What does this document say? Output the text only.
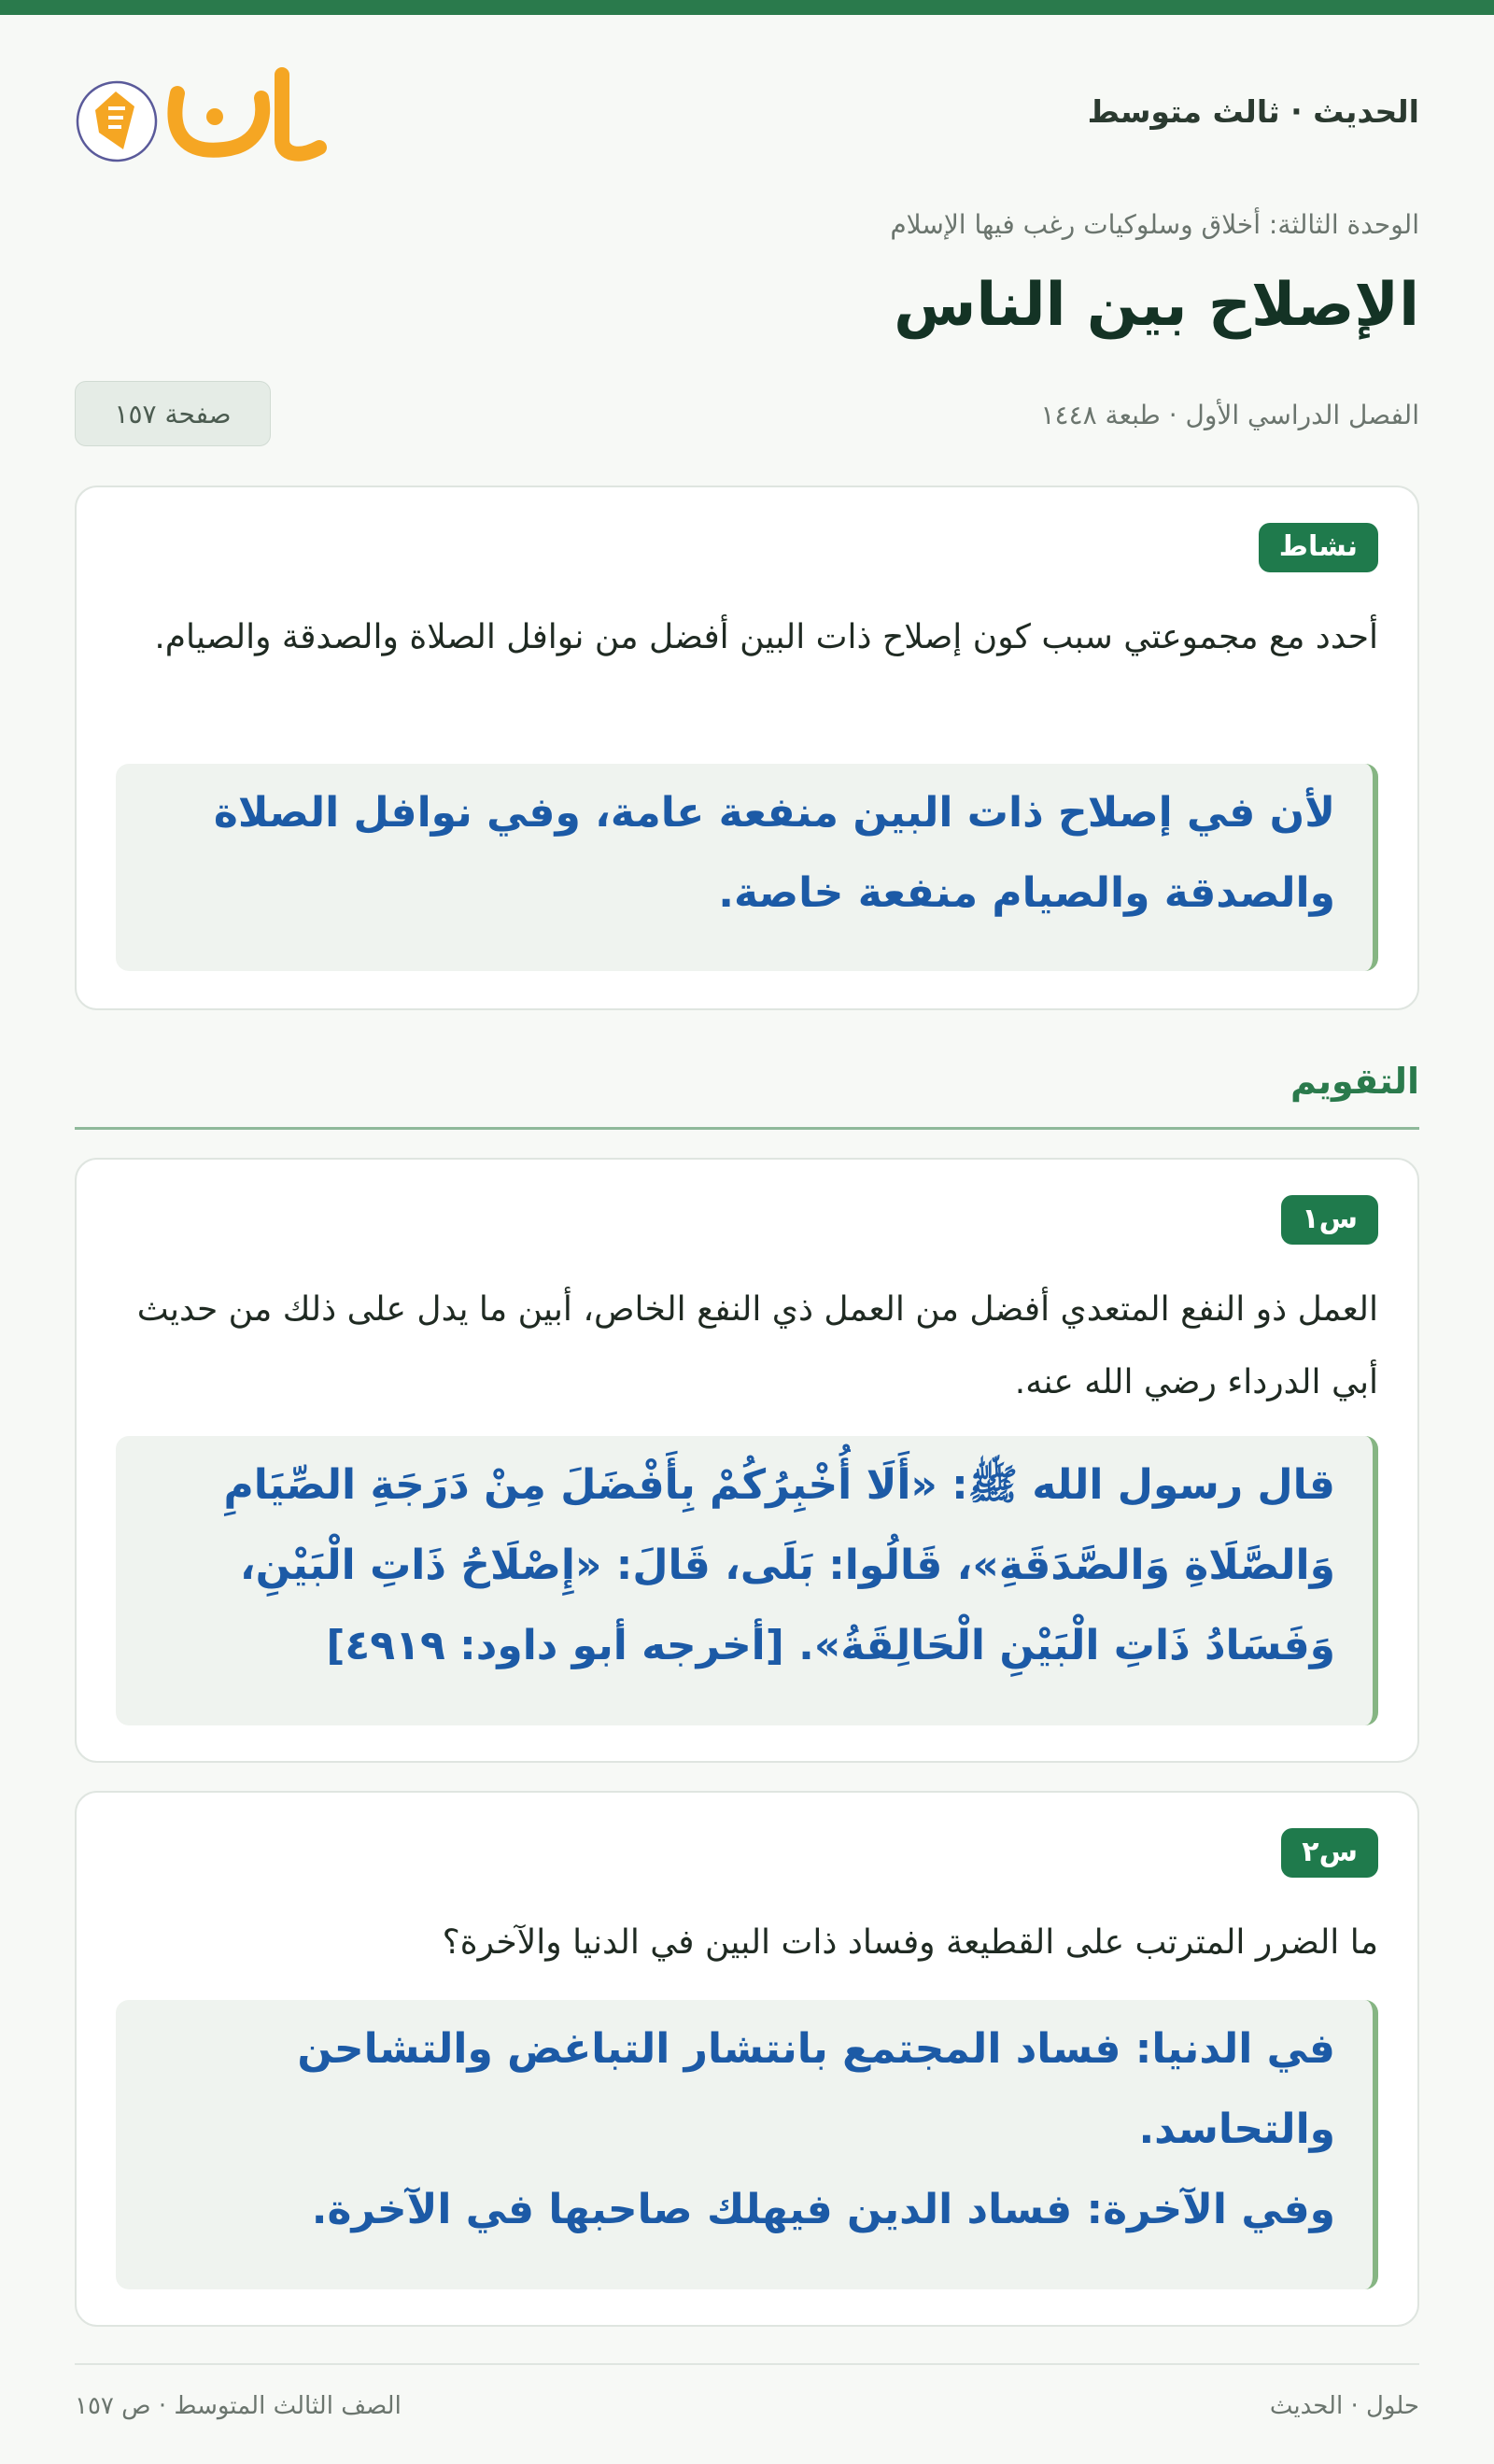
الحديث · ثالث متوسط
الوحدة الثالثة: أخلاق وسلوكيات رغب فيها الإسلام
الإصلاح بين الناس
الفصل الدراسي الأول · طبعة ١٤٤٨
صفحة ١٥٧
نشاط
أحدد مع مجموعتي سبب كون إصلاح ذات البين أفضل من نوافل الصلاة والصدقة والصيام.
لأن في إصلاح ذات البين منفعة عامة، وفي نوافل الصلاة والصدقة والصيام منفعة خاصة.
التقويم
س١
العمل ذو النفع المتعدي أفضل من العمل ذي النفع الخاص، أبين ما يدل على ذلك من حديث أبي الدرداء رضي الله عنه.
قال رسول الله ﷺ: «أَلَا أُخْبِرُكُمْ بِأَفْضَلَ مِنْ دَرَجَةِ الصِّيَامِ وَالصَّلَاةِ وَالصَّدَقَةِ»، قَالُوا: بَلَى، قَالَ: «إِصْلَاحُ ذَاتِ الْبَيْنِ، وَفَسَادُ ذَاتِ الْبَيْنِ الْحَالِقَةُ». [أخرجه أبو داود: ٤٩١٩]
س٢
ما الضرر المترتب على القطيعة وفساد ذات البين في الدنيا والآخرة؟
في الدنيا: فساد المجتمع بانتشار التباغض والتشاحن والتحاسد.
وفي الآخرة: فساد الدين فيهلك صاحبها في الآخرة.
حلول · الحديث
الصف الثالث المتوسط · ص ١٥٧
